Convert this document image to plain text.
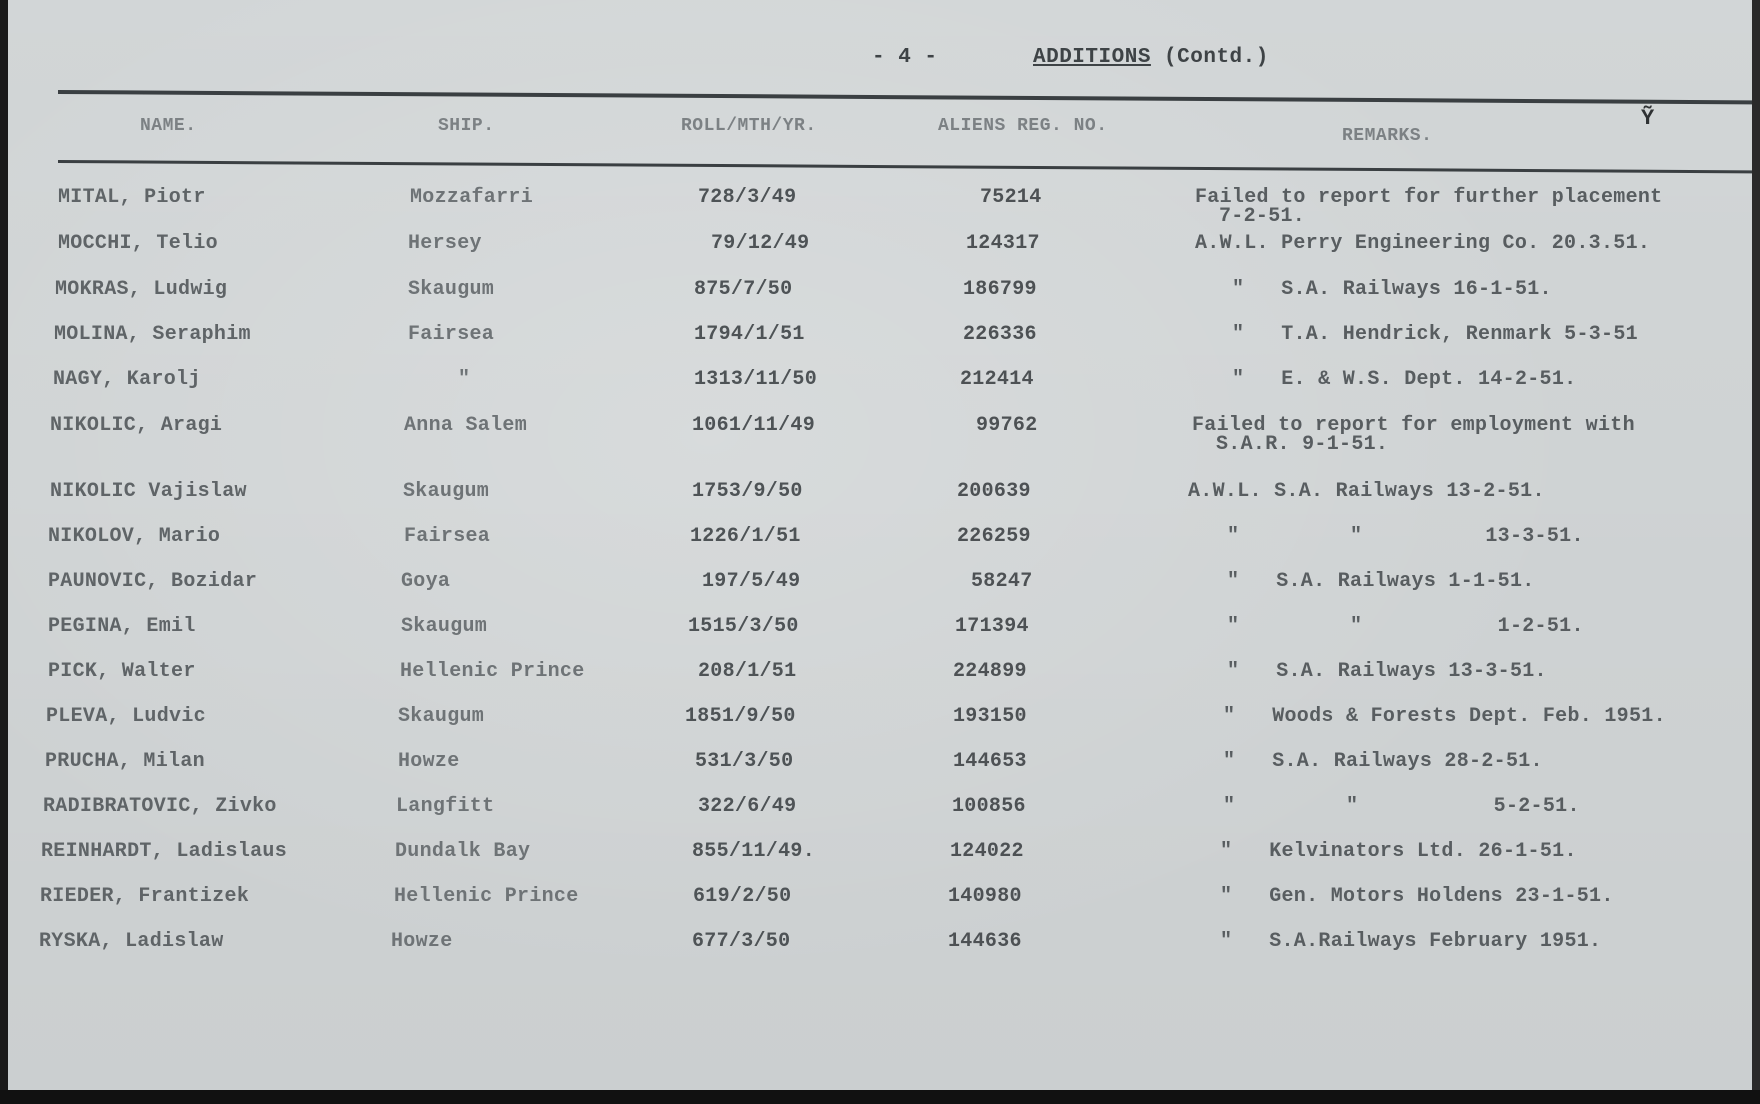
- 4 -	ADDITIONS (Contd.)
NAME.	SHIP.	ROLL/MTH/YR.	ALIENS REG. NO.	REMARKS.
Ỹ
MITAL, Piotr	Mozzafarri	728/3/49	75214	Failed to report for further placement
7-2-51.
MOCCHI, Telio	Hersey	79/12/49	124317	A.W.L. Perry Engineering Co. 20.3.51.
MOKRAS, Ludwig	Skaugum	875/7/50	186799	"   S.A. Railways 16-1-51.
MOLINA, Seraphim	Fairsea	1794/1/51	226336	"   T.A. Hendrick, Renmark 5-3-51
NAGY, Karolj	"	1313/11/50	212414	"   E. & W.S. Dept. 14-2-51.
NIKOLIC, Aragi	Anna Salem	1061/11/49	99762	Failed to report for employment with
S.A.R. 9-1-51.
NIKOLIC Vajislaw	Skaugum	1753/9/50	200639	A.W.L. S.A. Railways 13-2-51.
NIKOLOV, Mario	Fairsea	1226/1/51	226259	"         "          13-3-51.
PAUNOVIC, Bozidar	Goya	197/5/49	58247	"   S.A. Railways 1-1-51.
PEGINA, Emil	Skaugum	1515/3/50	171394	"         "           1-2-51.
PICK, Walter	Hellenic Prince	208/1/51	224899	"   S.A. Railways 13-3-51.
PLEVA, Ludvic	Skaugum	1851/9/50	193150	"   Woods & Forests Dept. Feb. 1951.
PRUCHA, Milan	Howze	531/3/50	144653	"   S.A. Railways 28-2-51.
RADIBRATOVIC, Zivko	Langfitt	322/6/49	100856	"         "           5-2-51.
REINHARDT, Ladislaus	Dundalk Bay	855/11/49.	124022	"   Kelvinators Ltd. 26-1-51.
RIEDER, Frantizek	Hellenic Prince	619/2/50	140980	"   Gen. Motors Holdens 23-1-51.
RYSKA, Ladislaw	Howze	677/3/50	144636	"   S.A.Railways February 1951.
